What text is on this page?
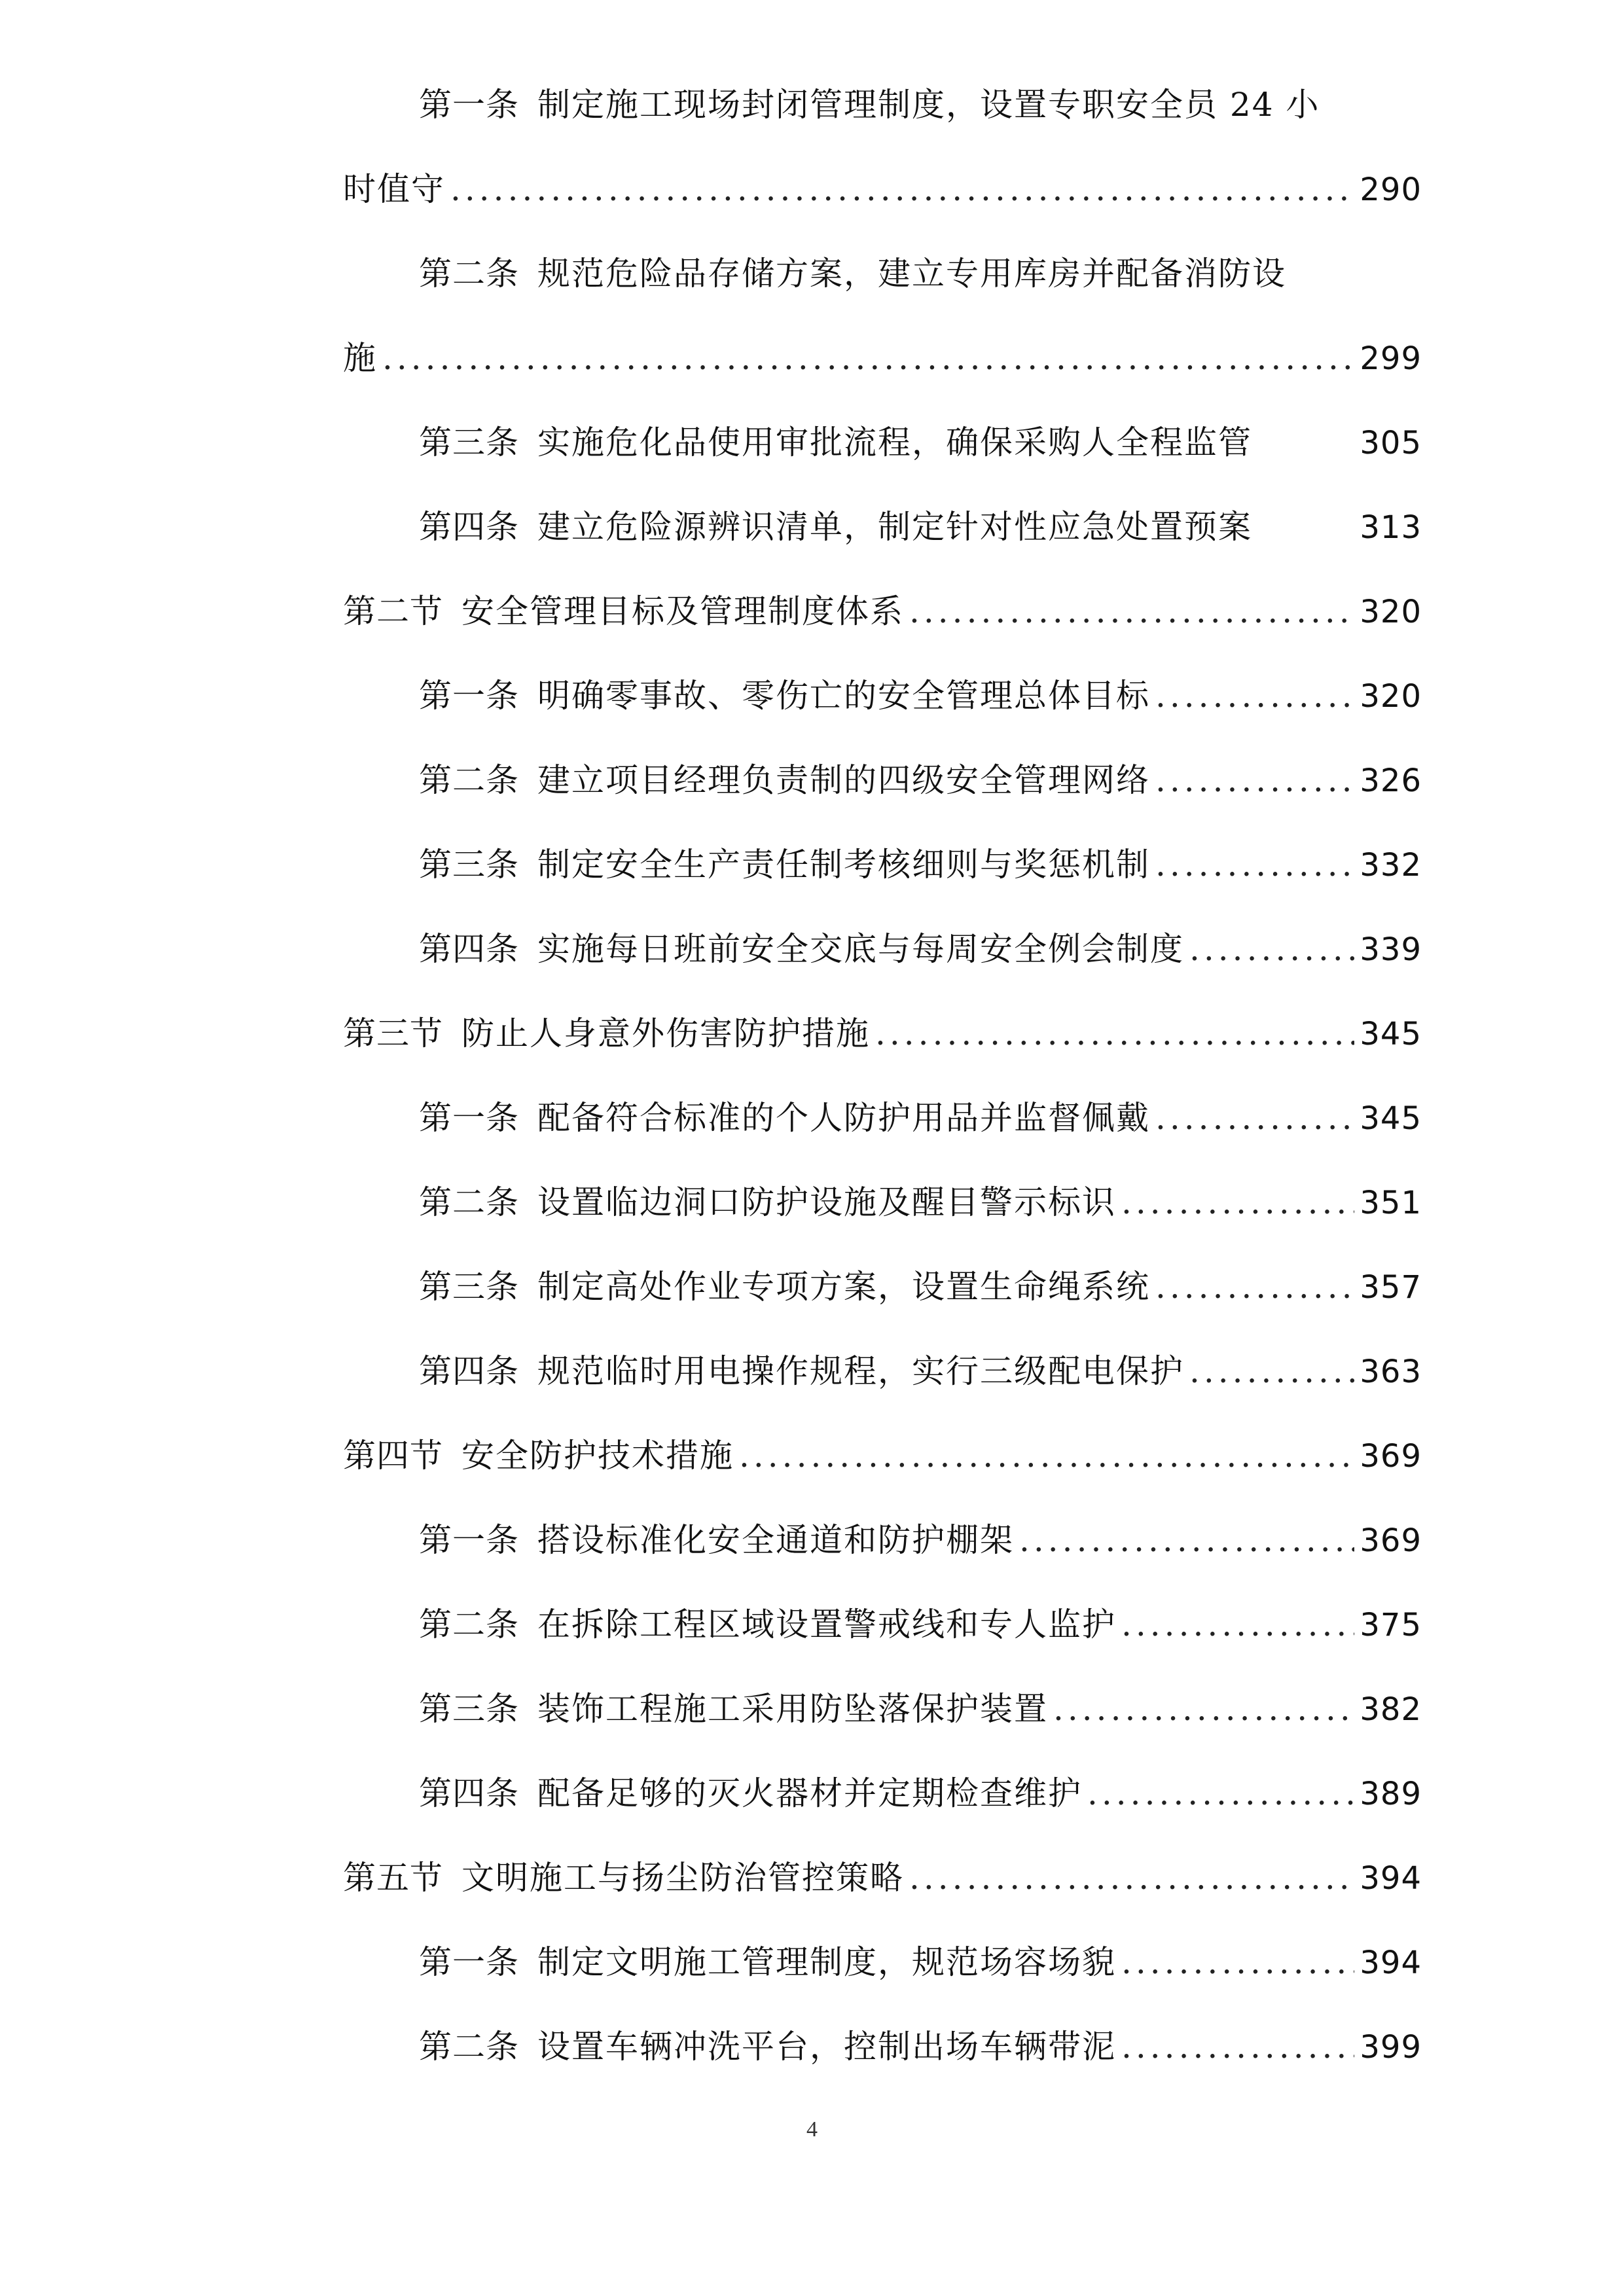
第一条 制定施工现场封闭管理制度，设置专职安全员 24 小
时值守 .....	290
第二条 规范危险品存储方案，建立专用库房并配备消防设
施 .....	299
第三条 实施危化品使用审批流程，确保采购人全程监管	305
第四条 建立危险源辨识清单，制定针对性应急处置预案	313
第二节 安全管理目标及管理制度体系 .....	320
第一条 明确零事故、零伤亡的安全管理总体目标 .....	320
第二条 建立项目经理负责制的四级安全管理网络 .....	326
第三条 制定安全生产责任制考核细则与奖惩机制 .....	332
第四条 实施每日班前安全交底与每周安全例会制度 .....	339
第三节 防止人身意外伤害防护措施 .....	345
第一条 配备符合标准的个人防护用品并监督佩戴 .....	345
第二条 设置临边洞口防护设施及醒目警示标识 .....	351
第三条 制定高处作业专项方案，设置生命绳系统 .....	357
第四条 规范临时用电操作规程，实行三级配电保护 .....	363
第四节 安全防护技术措施 .....	369
第一条 搭设标准化安全通道和防护棚架 .....	369
第二条 在拆除工程区域设置警戒线和专人监护 .....	375
第三条 装饰工程施工采用防坠落保护装置 .....	382
第四条 配备足够的灭火器材并定期检查维护 .....	389
第五节 文明施工与扬尘防治管控策略 .....	394
第一条 制定文明施工管理制度，规范场容场貌 .....	394
第二条 设置车辆冲洗平台，控制出场车辆带泥 .....	399
4
